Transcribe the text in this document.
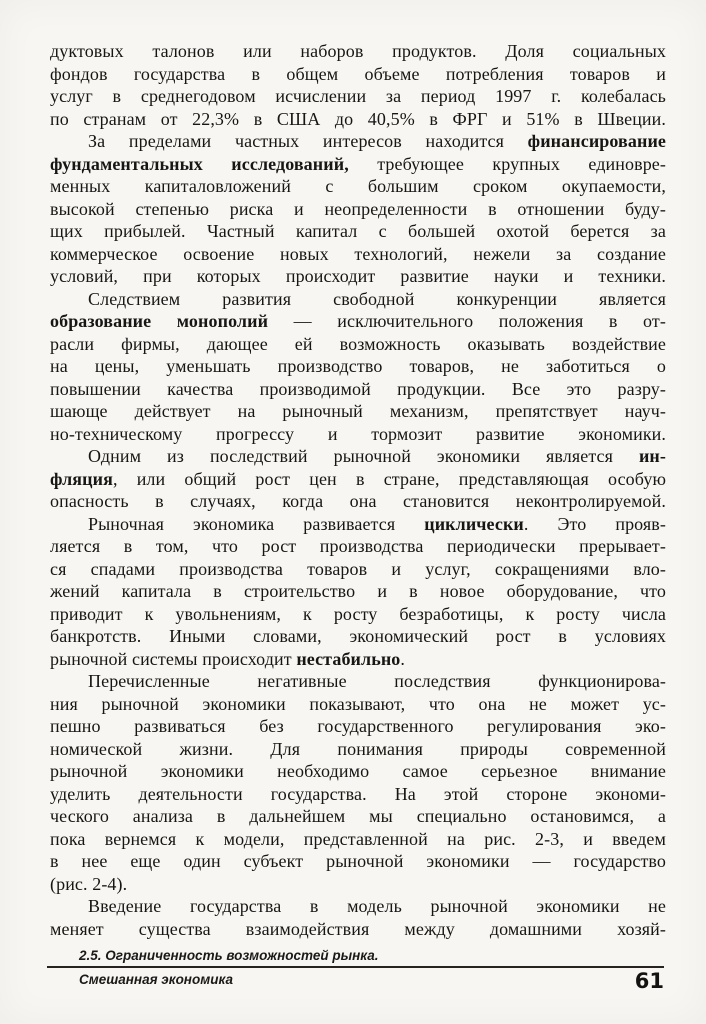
дуктовых талонов или наборов продуктов. Доля социальных
фондов государства в общем объеме потребления товаров и
услуг в среднегодовом исчислении за период 1997 г. колебалась
по странам от 22,3% в США до 40,5% в ФРГ и 51% в Швеции.
За пределами частных интересов находится финансирование
фундаментальных исследований, требующее крупных единовре-
менных капиталовложений с большим сроком окупаемости,
высокой степенью риска и неопределенности в отношении буду-
щих прибылей. Частный капитал с большей охотой берется за
коммерческое освоение новых технологий, нежели за создание
условий, при которых происходит развитие науки и техники.
Следствием развития свободной конкуренции является
образование монополий — исключительного положения в от-
расли фирмы, дающее ей возможность оказывать воздействие
на цены, уменьшать производство товаров, не заботиться о
повышении качества производимой продукции. Все это разру-
шающе действует на рыночный механизм, препятствует науч-
но-техническому прогрессу и тормозит развитие экономики.
Одним из последствий рыночной экономики является ин-
фляция, или общий рост цен в стране, представляющая особую
опасность в случаях, когда она становится неконтролируемой.
Рыночная экономика развивается циклически. Это прояв-
ляется в том, что рост производства периодически прерывает-
ся спадами производства товаров и услуг, сокращениями вло-
жений капитала в строительство и в новое оборудование, что
приводит к увольнениям, к росту безработицы, к росту числа
банкротств. Иными словами, экономический рост в условиях
рыночной системы происходит нестабильно.
Перечисленные негативные последствия функционирова-
ния рыночной экономики показывают, что она не может ус-
пешно развиваться без государственного регулирования эко-
номической жизни. Для понимания природы современной
рыночной экономики необходимо самое серьезное внимание
уделить деятельности государства. На этой стороне экономи-
ческого анализа в дальнейшем мы специально остановимся, а
пока вернемся к модели, представленной на рис. 2-3, и введем
в нее еще один субъект рыночной экономики — государство
(рис. 2-4).
Введение государства в модель рыночной экономики не
меняет существа взаимодействия между домашними хозяй-
2.5. Ограниченность возможностей рынка.
Смешанная экономика	61
